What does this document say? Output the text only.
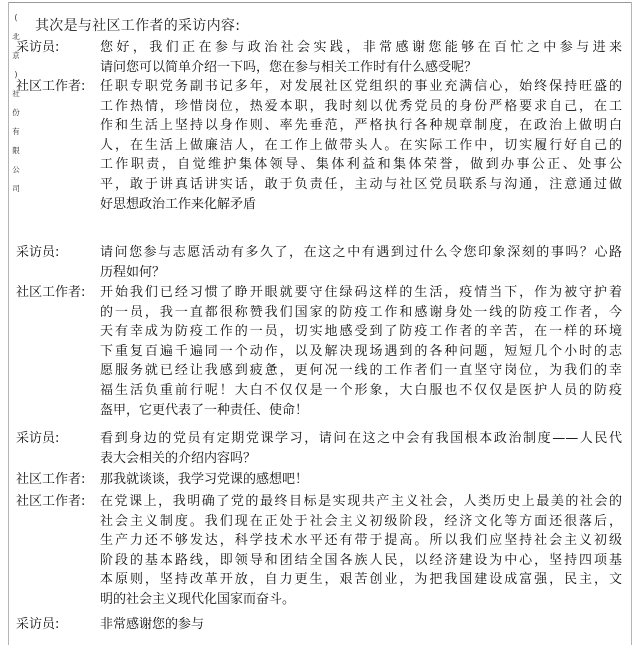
(
北
京
)
社
份
有
限
公
司
其次是与社区工作者的采访内容:
采访员:	您好，我们正在参与政治社会实践，非常感谢您能够在百忙之中参与进来
请问您可以简单介绍一下吗，您在参与相关工作时有什么感受呢？
社区工作者:	任职专职党务副书记多年，对发展社区党组织的事业充满信心，始终保持旺盛的
工作热情，珍惜岗位，热爱本职，我时刻以优秀党员的身份严格要求自己，在工
作和生活上坚持以身作则、率先垂范，严格执行各种规章制度，在政治上做明白
人，在生活上做廉洁人，在工作上做带头人。在实际工作中，切实履行好自己的
工作职责，自觉维护集体领导、集体利益和集体荣誉，做到办事公正、处事公
平，敢于讲真话讲实话，敢于负责任，主动与社区党员联系与沟通，注意通过做
好思想政治工作来化解矛盾
采访员:	请问您参与志愿活动有多久了，在这之中有遇到过什么令您印象深刻的事吗？心路
历程如何？
社区工作者:	开始我们已经习惯了睁开眼就要守住绿码这样的生活，疫情当下，作为被守护着
的一员，我一直都很称赞我们国家的防疫工作和感谢身处一线的防疫工作者，今
天有幸成为防疫工作的一员，切实地感受到了防疫工作者的辛苦，在一样的环境
下重复百遍千遍同一个动作，以及解决现场遇到的各种问题，短短几个小时的志
愿服务就已经让我感到疲惫，更何况一线的工作者们一直坚守岗位，为我们的幸
福生活负重前行呢！大白不仅仅是一个形象，大白服也不仅仅是医护人员的防疫
盔甲，它更代表了一种责任、使命！
采访员:	看到身边的党员有定期党课学习，请问在这之中会有我国根本政治制度——人民代
表大会相关的介绍内容吗？
社区工作者:	那我就谈谈，我学习党课的感想吧！
社区工作者:	在党课上，我明确了党的最终目标是实现共产主义社会，人类历史上最美的社会的
社会主义制度。我们现在正处于社会主义初级阶段，经济文化等方面还很落后，
生产力还不够发达，科学技术水平还有带于提高。所以我们应坚持社会主义初级
阶段的基本路线，即领导和团结全国各族人民，以经济建设为中心，坚持四项基
本原则，坚持改革开放，自力更生，艰苦创业，为把我国建设成富强，民主，文
明的社会主义现代化国家而奋斗。
采访员:	非常感谢您的参与
